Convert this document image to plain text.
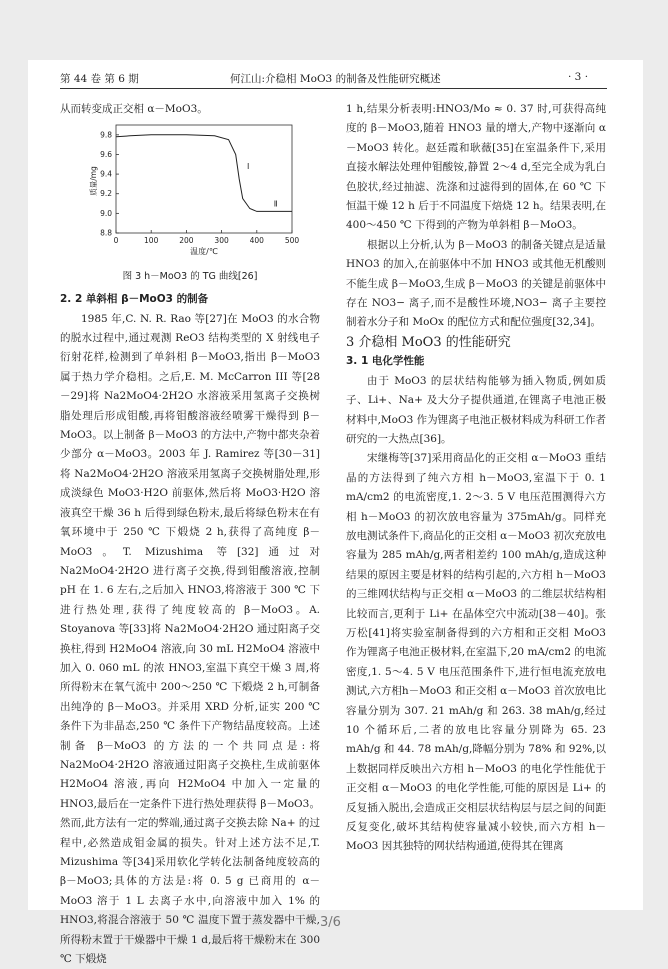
第 44 卷 第 6 期	何江山:介稳相 MoO3 的制备及性能研究概述	· 3 ·

从而转变成正交相 α－MoO3。

质量/mg
温度/℃
0	100	200	300	400	500
8.8
9.0
9.2
9.4
9.6
9.8
Ⅰ
Ⅱ
图 3 h－MoO3 的 TG 曲线[26]

2. 2 单斜相 β－MoO3 的制备

1985 年,C. N. R. Rao 等[27]在 MoO3 的水合物的脱水过程中,通过观测 ReO3 结构类型的 X 射线电子衍射花样,检测到了单斜相 β－MoO3,指出 β－MoO3 属于热力学介稳相。之后,E. M. McCarron III 等[28－29]将 Na2MoO4·2H2O 水溶液采用氢离子交换树脂处理后形成钼酸,再将钼酸溶液经喷雾干燥得到 β－MoO3。以上制备 β－MoO3 的方法中,产物中都夹杂着少部分 α－MoO3。2003 年 J. Ramirez 等[30－31]将 Na2MoO4·2H2O 溶液采用氢离子交换树脂处理,形成淡绿色 MoO3·H2O 前驱体,然后将 MoO3·H2O 溶液真空干燥 36 h 后得到绿色粉末,最后将绿色粉末在有氧环境中于 250 ℃ 下煅烧 2 h,获得了高纯度 β－MoO3。T. Mizushima 等[32]通过对 Na2MoO4·2H2O 进行离子交换,得到钼酸溶液,控制 pH 在 1. 6 左右,之后加入 HNO3,将溶液于 300 ℃ 下进行热处理,获得了纯度较高的 β－MoO3。A. Stoyanova 等[33]将 Na2MoO4·2H2O 通过阳离子交换柱,得到 H2MoO4 溶液,向 30 mL H2MoO4 溶液中加入 0. 060 mL 的浓 HNO3,室温下真空干燥 3 周,将所得粉末在氧气流中 200～250 ℃ 下煅烧 2 h,可制备出纯净的 β－MoO3。并采用 XRD 分析,证实 200 ℃ 条件下为非晶态,250 ℃ 条件下产物结晶度较高。上述制备 β－MoO3 的方法的一个共同点是:将 Na2MoO4·2H2O 溶液通过阳离子交换柱,生成前驱体 H2MoO4 溶液,再向 H2MoO4 中加入一定量的 HNO3,最后在一定条件下进行热处理获得 β－MoO3。然而,此方法有一定的弊端,通过离子交换去除 Na+ 的过程中,必然造成钼金属的损失。针对上述方法不足,T. Mizushima 等[34]采用软化学转化法制备纯度较高的 β－MoO3;具体的方法是:将 0. 5 g 已商用的 α－MoO3 溶于 1 L 去离子水中,向溶液中加入 1% 的 HNO3,将混合溶液于 50 ℃ 温度下置于蒸发器中干燥,所得粉末置于干燥器中干燥 1 d,最后将干燥粉末在 300 ℃ 下煅烧

1 h,结果分析表明:HNO3/Mo ≈ 0. 37 时,可获得高纯度的 β－MoO3,随着 HNO3 量的增大,产物中逐渐向 α－MoO3 转化。赵廷霞和耿薇[35]在室温条件下,采用直接水解法处理仲钼酸铵,静置 2～4 d,至完全成为乳白色胶状,经过抽滤、洗涤和过滤得到的固体,在 60 ℃ 下恒温干燥 12 h 后于不同温度下焙烧 12 h。结果表明,在 400～450 ℃ 下得到的产物为单斜相 β－MoO3。

根据以上分析,认为 β－MoO3 的制备关键点是适量 HNO3 的加入,在前驱体中不加 HNO3 或其他无机酸则不能生成 β－MoO3,生成 β－MoO3 的关键是前驱体中存在 NO3− 离子,而不是酸性环境,NO3− 离子主要控制着水分子和 MoOx 的配位方式和配位强度[32,34]。

3 介稳相 MoO3 的性能研究

3. 1 电化学性能

由于 MoO3 的层状结构能够为插入物质,例如质子、Li+、Na+ 及大分子提供通道,在锂离子电池正极材料中,MoO3 作为锂离子电池正极材料成为科研工作者研究的一大热点[36]。

宋继梅等[37]采用商品化的正交相 α－MoO3 重结晶的方法得到了纯六方相 h－MoO3,室温下于 0. 1 mA/cm2 的电流密度,1. 2～3. 5 V 电压范围测得六方相 h－MoO3 的初次放电容量为 375mAh/g。同样充放电测试条件下,商品化的正交相 α－MoO3 初次充放电容量为 285 mAh/g,两者相差约 100 mAh/g,造成这种结果的原因主要是材料的结构引起的,六方相 h－MoO3 的三维网状结构与正交相 α－MoO3 的二维层状结构相比较而言,更利于 Li+ 在晶体空穴中流动[38－40]。张万松[41]将实验室制备得到的六方相和正交相 MoO3 作为锂离子电池正极材料,在室温下,20 mA/cm2 的电流密度,1. 5～4. 5 V 电压范围条件下,进行恒电流充放电测试,六方相h－MoO3 和正交相 α－MoO3 首次放电比容量分别为 307. 21 mAh/g 和 263. 38 mAh/g,经过 10 个循环后,二者的放电比容量分别降为 65. 23 mAh/g 和 44. 78 mAh/g,降幅分别为 78% 和 92%,以上数据同样反映出六方相 h－MoO3 的电化学性能优于正交相 α－MoO3 的电化学性能,可能的原因是 Li+ 的反复插入脱出,会造成正交相层状结构层与层之间的间距反复变化,破坏其结构使容量减小较快,而六方相 h－MoO3 因其独特的网状结构通道,使得其在锂离

3/6
